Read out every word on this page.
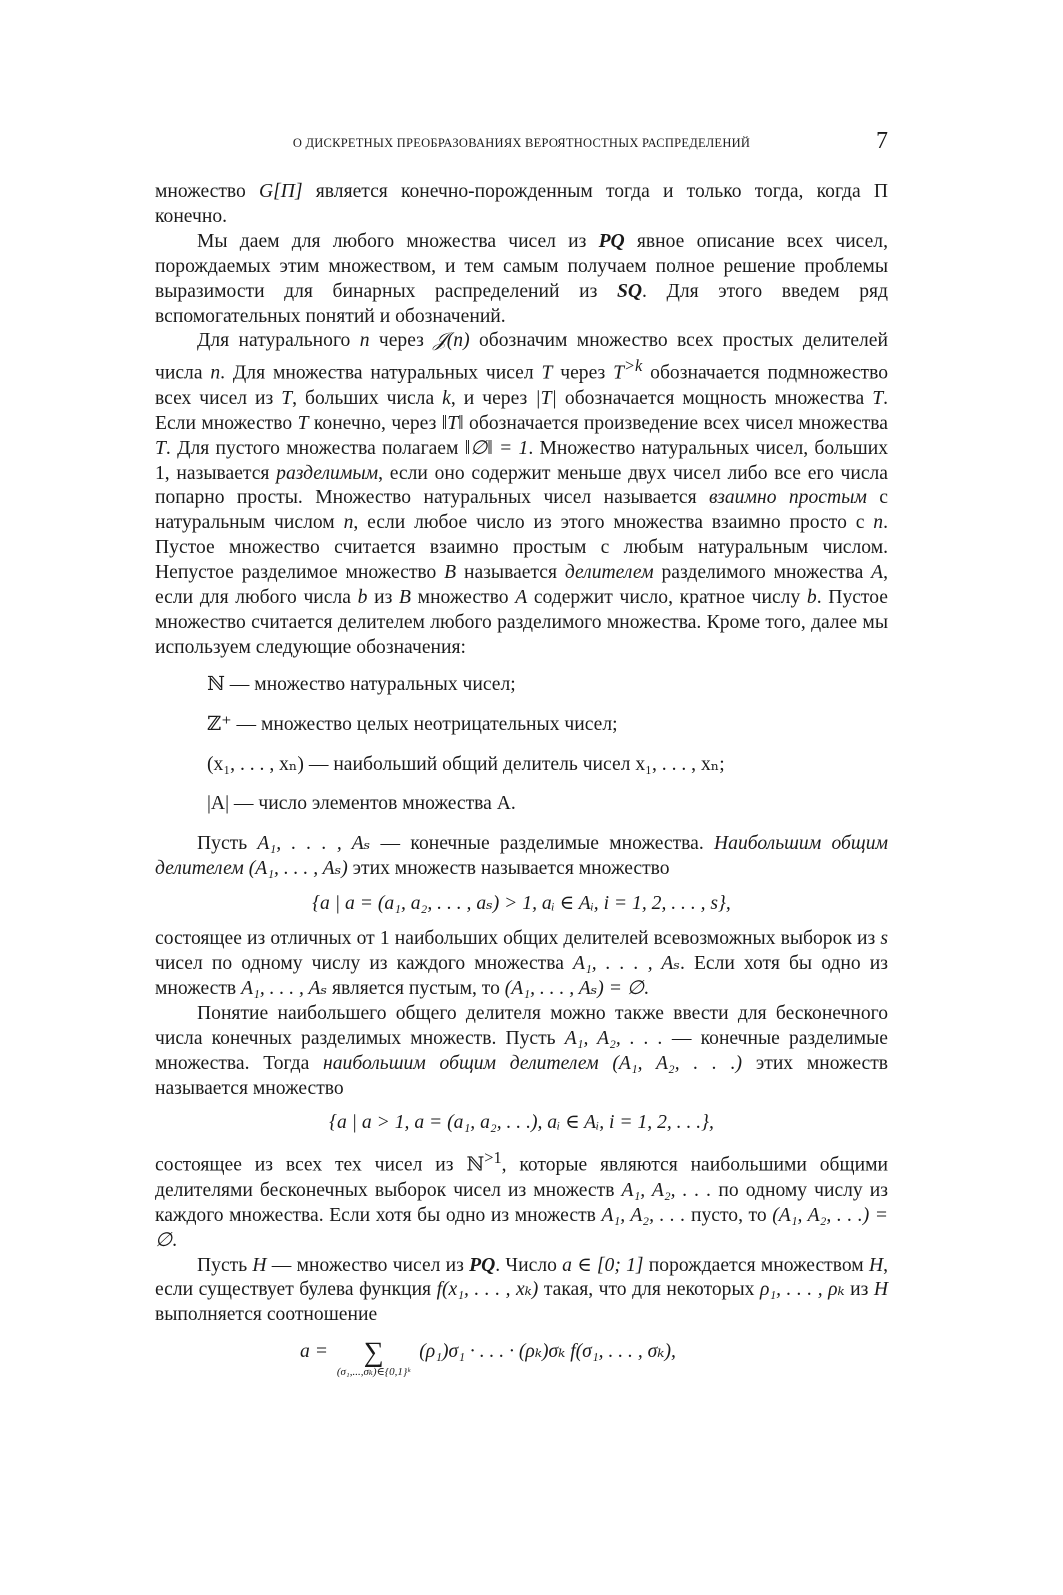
О ДИСКРЕТНЫХ ПРЕОБРАЗОВАНИЯХ ВЕРОЯТНОСТНЫХ РАСПРЕДЕЛЕНИЙ	7

множество G[Π] является конечно-порожденным тогда и только тогда, когда Π конечно.

Мы даем для любого множества чисел из PQ явное описание всех чисел, порождаемых этим множеством, и тем самым получаем полное решение проблемы выразимости для бинарных распределений из SQ. Для этого введем ряд вспомогательных понятий и обозначений.

Для натурального n через 𝒥(n) обозначим множество всех простых делителей числа n. Для множества натуральных чисел T через $T^{>k}$ обозначается подмножество всех чисел из T, больших числа k, и через |T| обозначается мощность множества T. Если множество T конечно, через ‖T‖ обозначается произведение всех чисел множества T. Для пустого множества полагаем ‖∅‖ = 1. Множество натуральных чисел, больших 1, называется разделимым, если оно содержит меньше двух чисел либо все его числа попарно просты. Множество натуральных чисел называется взаимно простым с натуральным числом n, если любое число из этого множества взаимно просто с n. Пустое множество считается взаимно простым с любым натуральным числом. Непустое разделимое множество B называется делителем разделимого множества A, если для любого числа b из B множество A содержит число, кратное числу b. Пустое множество считается делителем любого разделимого множества. Кроме того, далее мы используем следующие обозначения:

ℕ — множество натуральных чисел;
ℤ⁺ — множество целых неотрицательных чисел;
(x₁, . . . , xₙ) — наибольший общий делитель чисел x₁, . . . , xₙ;
|A| — число элементов множества A.

Пусть A₁, . . . , Aₛ — конечные разделимые множества. Наибольшим общим делителем (A₁, . . . , Aₛ) этих множеств называется множество

{a | a = (a₁, a₂, . . . , aₛ) > 1, aᵢ ∈ Aᵢ, i = 1, 2, . . . , s},

состоящее из отличных от 1 наибольших общих делителей всевозможных выборок из s чисел по одному числу из каждого множества A₁, . . . , Aₛ. Если хотя бы одно из множеств A₁, . . . , Aₛ является пустым, то (A₁, . . . , Aₛ) = ∅.

Понятие наибольшего общего делителя можно также ввести для бесконечного числа конечных разделимых множеств. Пусть A₁, A₂, . . . — конечные разделимые множества. Тогда наибольшим общим делителем (A₁, A₂, . . .) этих множеств называется множество

{a | a > 1, a = (a₁, a₂, . . .), aᵢ ∈ Aᵢ, i = 1, 2, . . .},

состоящее из всех тех чисел из ℕ$^{>1}$, которые являются наибольшими общими делителями бесконечных выборок чисел из множеств A₁, A₂, . . . по одному числу из каждого множества. Если хотя бы одно из множеств A₁, A₂, . . . пусто, то (A₁, A₂, . . .) = ∅.

Пусть H — множество чисел из PQ. Число a ∈ [0; 1] порождается множеством H, если существует булева функция f(x₁, . . . , xₖ) такая, что для некоторых ρ₁, . . . , ρₖ из H выполняется соотношение

a =	∑
(σ₁,...,σₖ)∈{0,1}ᵏ
(ρ₁)σ₁ · . . . · (ρₖ)σₖ f(σ₁, . . . , σₖ),
